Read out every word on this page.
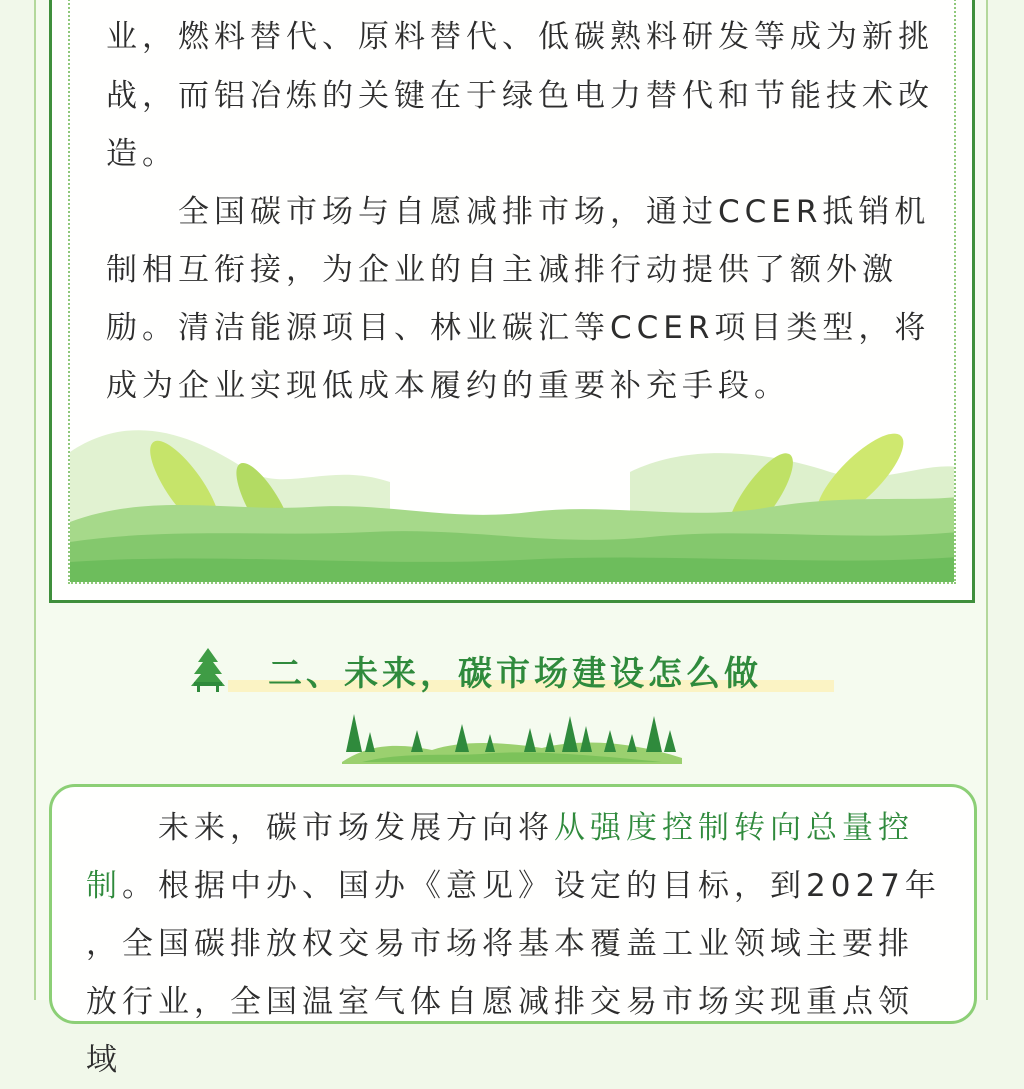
业，燃料替代、原料替代、低碳熟料研发等成为新挑

战，而铝冶炼的关键在于绿色电力替代和节能技术改

造。

　　全国碳市场与自愿减排市场，通过CCER抵销机

制相互衔接，为企业的自主减排行动提供了额外激

励。清洁能源项目、林业碳汇等CCER项目类型，将

成为企业实现低成本履约的重要补充手段。

二、未来，碳市场建设怎么做

　　未来，碳市场发展方向将从强度控制转向总量控

制。根据中办、国办《意见》设定的目标，到2027年

，全国碳排放权交易市场将基本覆盖工业领域主要排

放行业，全国温室气体自愿减排交易市场实现重点领域
